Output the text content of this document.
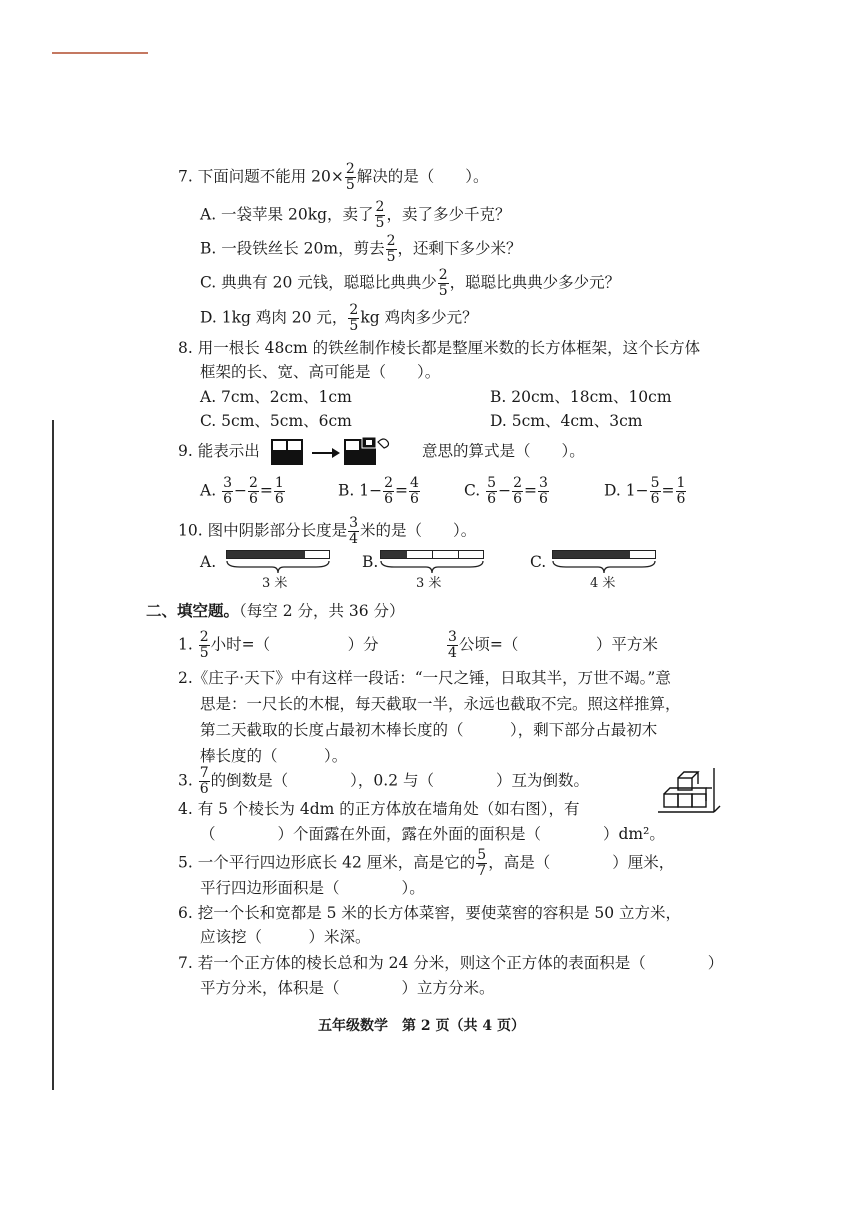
7. 下面问题不能用 $20\times \frac{2}{5}$ 解决的是（　　）。
A. 一袋苹果 20kg，卖了 $\frac{2}{5}$ ，卖了多少千克？
B. 一段铁丝长 20m，剪去 $\frac{2}{5}$ ，还剩下多少米？
C. 典典有 20 元钱，聪聪比典典少 $\frac{2}{5}$ ，聪聪比典典少多少元？
D. 1kg 鸡肉 20 元， $\frac{2}{5}$ kg 鸡肉多少元？
8. 用一根长 48cm 的铁丝制作棱长都是整厘米数的长方体框架，这个长方体
框架的长、宽、高可能是（　　）。
A. 7cm、2cm、1cm	B. 20cm、18cm、10cm
C. 5cm、5cm、6cm	D. 5cm、4cm、3cm
9. 能表示出	意思的算式是（　　）。
A. $\frac{3}{6} - \frac{2}{6} = \frac{1}{6}$	B. $1- \frac{2}{6} = \frac{4}{6}$	C. $\frac{5}{6} - \frac{2}{6} = \frac{3}{6}$	D. $1- \frac{5}{6} = \frac{1}{6}$
10. 图中阴影部分长度是 $\frac{3}{4}$ 米的是（　　）。
A.
3 米
B.
3 米
C.
4 米
二、填空题。（每空 2 分，共 36 分）
1. $\frac{2}{5}$ 小时=（　　　　　）分	$\frac{3}{4}$ 公顷=（　　　　　）平方米
2.《庄子·天下》中有这样一段话：“一尺之锤，日取其半，万世不竭。”意
思是：一尺长的木棍，每天截取一半，永远也截取不完。照这样推算，
第二天截取的长度占最初木棒长度的（　　　），剩下部分占最初木
棒长度的（　　　）。
3. $\frac{7}{6}$ 的倒数是（　　　　），0.2 与（　　　　）互为倒数。
4. 有 5 个棱长为 4dm 的正方体放在墙角处（如右图），有
（　　　　）个面露在外面，露在外面的面积是（　　　　）dm²。
5. 一个平行四边形底长 42 厘米，高是它的 $\frac{5}{7}$ ，高是（　　　　）厘米，
平行四边形面积是（　　　　）。
6. 挖一个长和宽都是 5 米的长方体菜窖，要使菜窖的容积是 50 立方米，
应该挖（　　　）米深。
7. 若一个正方体的棱长总和为 24 分米，则这个正方体的表面积是（　　　　）
平方分米，体积是（　　　　）立方分米。
五年级数学　第 2 页（共 4 页）
